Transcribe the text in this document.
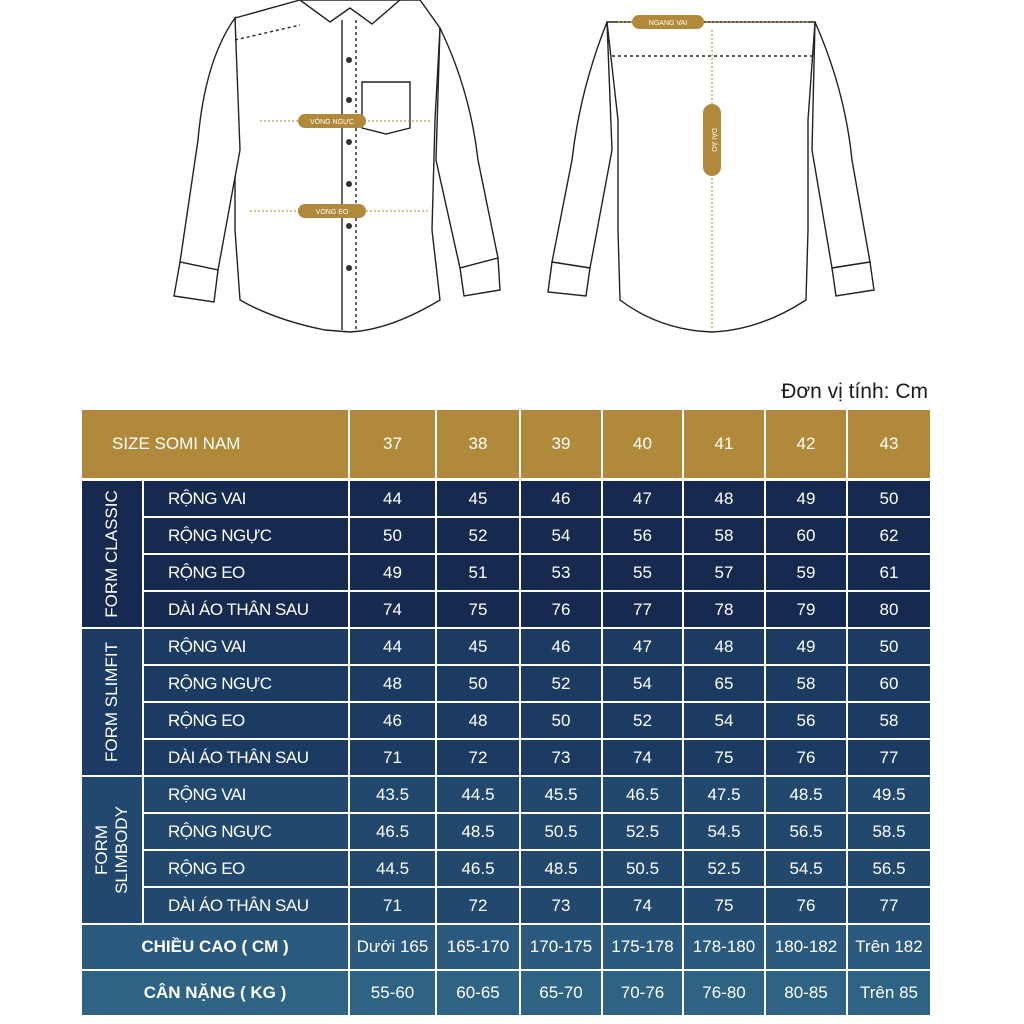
VÒNG NGỰC
VÒNG EO
NGANG VAI
DÀI ÁO
Đơn vị tính: Cm
SIZE SOMI NAM		37	38	39	40	41	42	43

FORM CLASSIC	RỘNG VAI	44	45	46	47	48	49	50
	RỘNG NGỰC	50	52	54	56	58	60	62
	RỘNG EO	49	51	53	55	57	59	61
	DÀI ÁO THÂN SAU	74	75	76	77	78	79	80

FORM SLIMFIT	RỘNG VAI	44	45	46	47	48	49	50
	RỘNG NGỰC	48	50	52	54	65	58	60
	RỘNG EO	46	48	50	52	54	56	58
	DÀI ÁO THÂN SAU	71	72	73	74	75	76	77

FORM SLIMBODY	RỘNG VAI	43.5	44.5	45.5	46.5	47.5	48.5	49.5
	RỘNG NGỰC	46.5	48.5	50.5	52.5	54.5	56.5	58.5
	RỘNG EO	44.5	46.5	48.5	50.5	52.5	54.5	56.5
	DÀI ÁO THÂN SAU	71	72	73	74	75	76	77
CHIỀU CAO ( CM )		Dưới 165	165-170	170-175	175-178	178-180	180-182	Trên 182
CÂN NẶNG ( KG )		55-60	60-65	65-70	70-76	76-80	80-85	Trên 85
